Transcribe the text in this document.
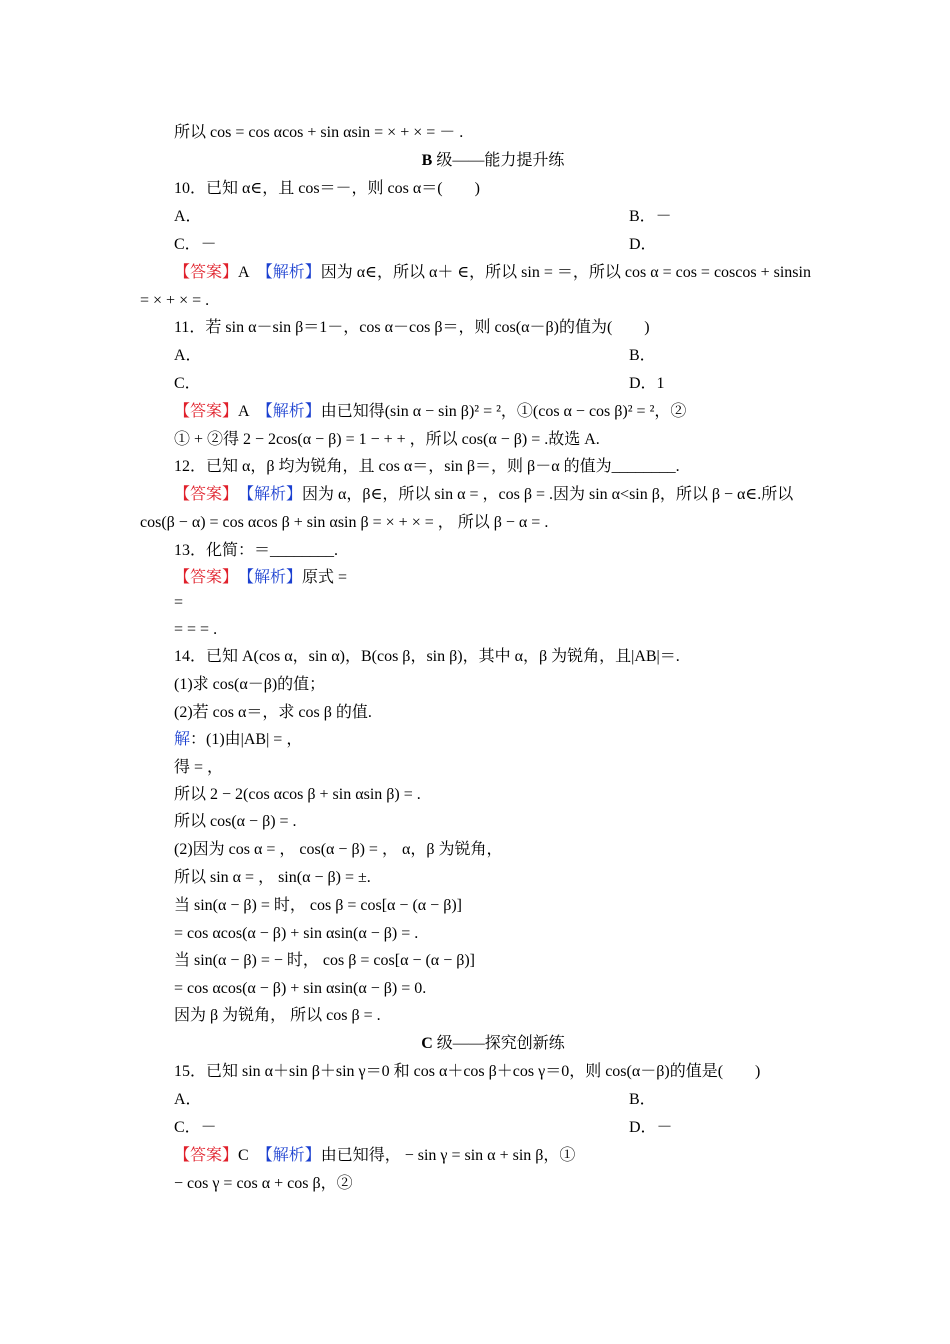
所以 cos = cos αcos + sin αsin = × + × = － .
B 级——能力提升练
10．已知 α∈，且 cos＝－，则 cos α＝(　　)
A．	B．－
C．－	D．
【答案】A　【解析】因为 α∈，所以 α＋ ∈，所以 sin = ＝，所以 cos α = cos = coscos + sinsin
= × + × = .
11．若 sin α－sin β＝1－，cos α－cos β＝，则 cos(α－β)的值为(　　)
A．	B．
C．	D．1
【答案】A　【解析】由已知得(sin α − sin β)² = ²，①(cos α − cos β)² = ²，②
① + ②得 2 − 2cos(α − β) = 1 − + + ，所以 cos(α − β) = .故选 A.
12．已知 α，β 均为锐角，且 cos α＝，sin β＝，则 β－α 的值为________.
【答案】　 【解析】因为 α，β∈，所以 sin α = ，cos β = .因为 sin α<sin β，所以 β − α∈.所以
cos(β − α) = cos αcos β + sin αsin β = × + × = ， 所以 β − α = .
13．化简：＝________.
【答案】　 【解析】原式 =
=
= = = .
14．已知 A(cos α，sin α)，B(cos β，sin β)，其中 α，β 为锐角，且|AB|＝.
(1)求 cos(α－β)的值；
(2)若 cos α＝，求 cos β 的值.
解：(1)由|AB| = ，
得 = ，
所以 2 − 2(cos αcos β + sin αsin β) = .
所以 cos(α − β) = .
(2)因为 cos α = ， cos(α − β) = ， α，β 为锐角，
所以 sin α = ， sin(α − β) = ±.
当 sin(α − β) = 时， cos β = cos[α − (α − β)]
= cos αcos(α − β) + sin αsin(α − β) = .
当 sin(α − β) = − 时， cos β = cos[α − (α − β)]
= cos αcos(α − β) + sin αsin(α − β) = 0.
因为 β 为锐角， 所以 cos β = .
C 级——探究创新练
15．已知 sin α＋sin β＋sin γ＝0 和 cos α＋cos β＋cos γ＝0，则 cos(α－β)的值是(　　)
A．	B．
C．－	D．－
【答案】C　【解析】由已知得， − sin γ = sin α + sin β，①
− cos γ = cos α + cos β，②
